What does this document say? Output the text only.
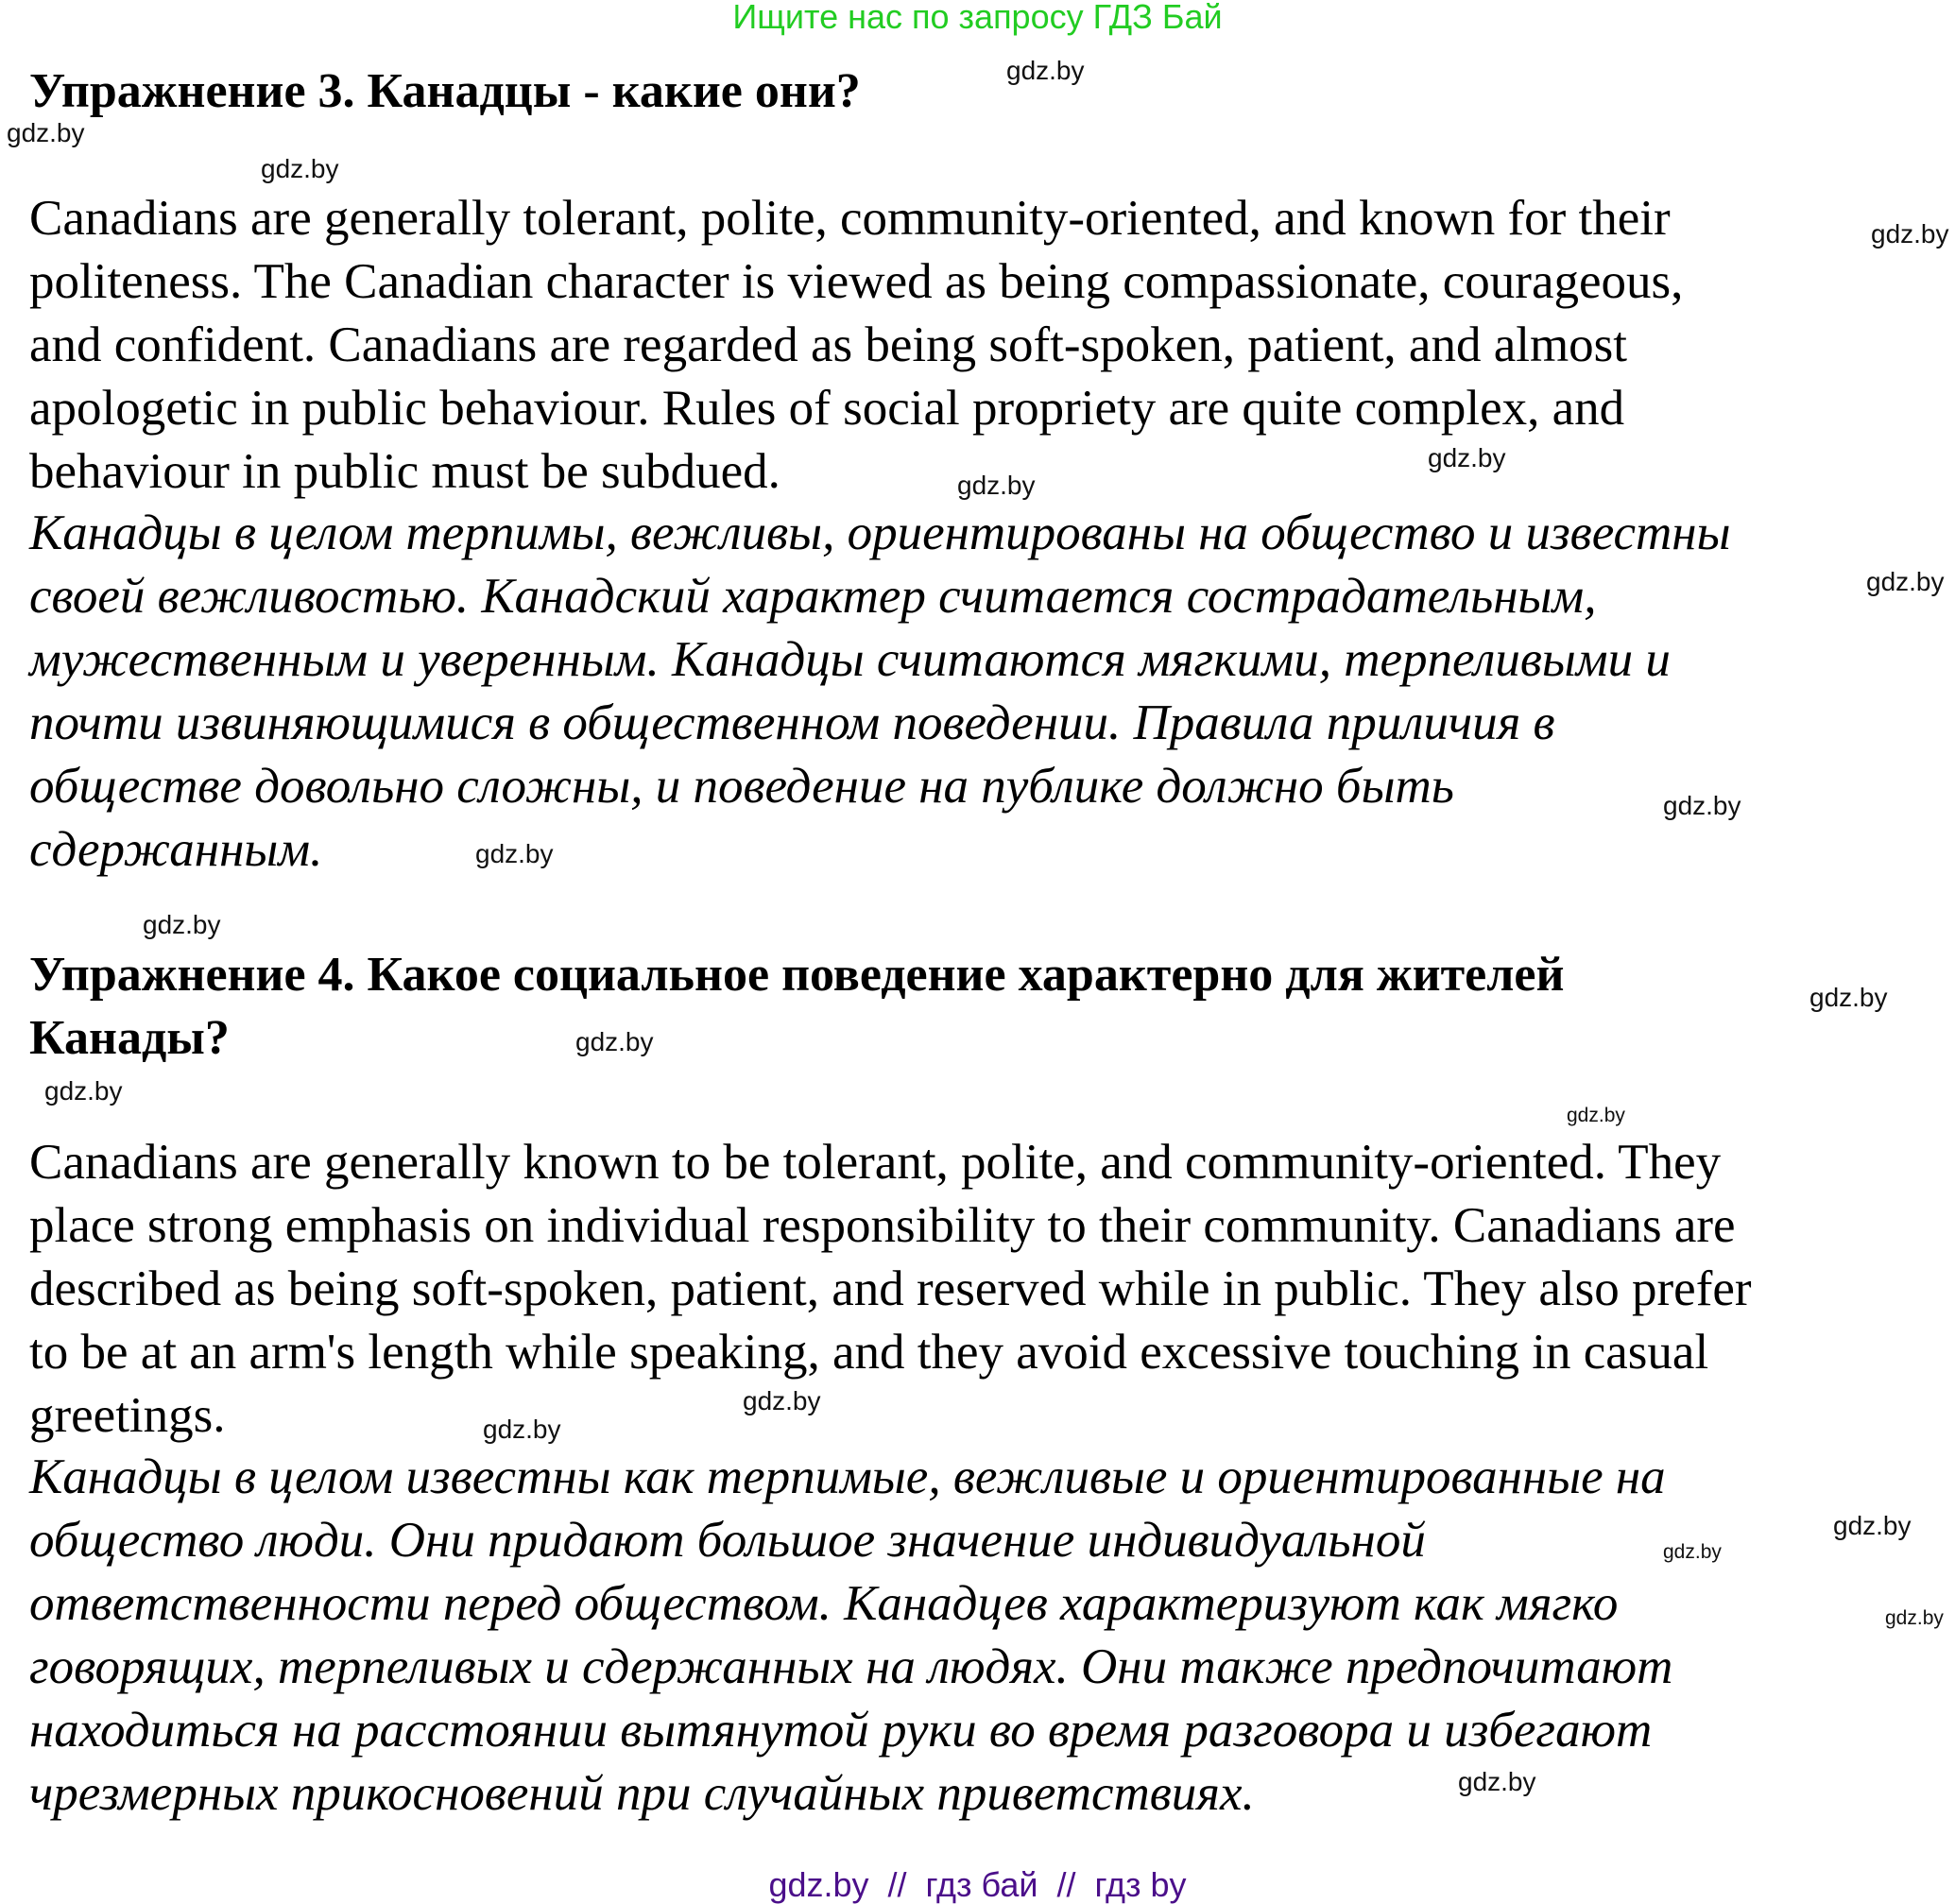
Ищите нас по запросу ГДЗ Бай
Упражнение 3. Канадцы - какие они?
Canadians are generally tolerant, polite, community-oriented, and known for their
politeness. The Canadian character is viewed as being compassionate, courageous,
and confident. Canadians are regarded as being soft-spoken, patient, and almost
apologetic in public behaviour. Rules of social propriety are quite complex, and
behaviour in public must be subdued.
Канадцы в целом терпимы, вежливы, ориентированы на общество и известны
своей вежливостью. Канадский характер считается сострадательным,
мужественным и уверенным. Канадцы считаются мягкими, терпеливыми и
почти извиняющимися в общественном поведении. Правила приличия в
обществе довольно сложны, и поведение на публике должно быть
сдержанным.
Упражнение 4. Какое социальное поведение характерно для жителей
Канады?
Canadians are generally known to be tolerant, polite, and community-oriented. They
place strong emphasis on individual responsibility to their community. Canadians are
described as being soft-spoken, patient, and reserved while in public. They also prefer
to be at an arm's length while speaking, and they avoid excessive touching in casual
greetings.
Канадцы в целом известны как терпимые, вежливые и ориентированные на
общество люди. Они придают большое значение индивидуальной
ответственности перед обществом. Канадцев характеризуют как мягко
говорящих, терпеливых и сдержанных на людях. Они также предпочитают
находиться на расстоянии вытянутой руки во время разговора и избегают
чрезмерных прикосновений при случайных приветствиях.
gdz.by
gdz.by
gdz.by
gdz.by
gdz.by
gdz.by
gdz.by
gdz.by
gdz.by
gdz.by
gdz.by
gdz.by
gdz.by
gdz.by
gdz.by
gdz.by
gdz.by
gdz.by
gdz.by
gdz.by
gdz.by  //  гдз бай  //  гдз by
